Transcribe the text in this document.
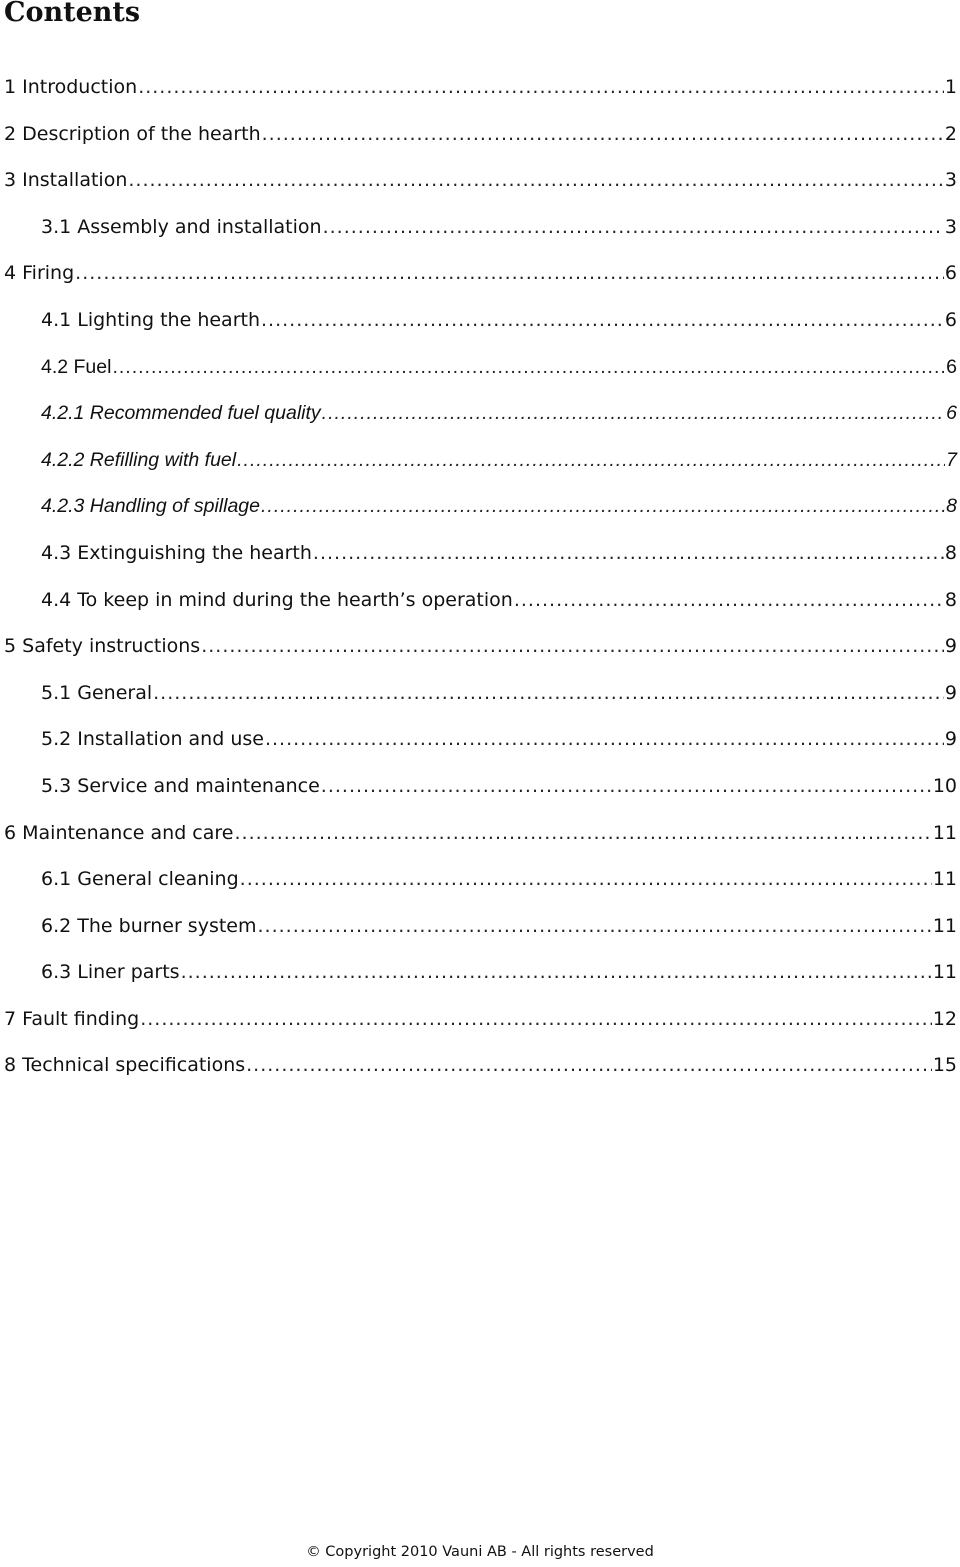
Contents
1 Introduction .....	1
2 Description of the hearth .....	2
3 Installation .....	3
3.1 Assembly and installation .....	3
4 Firing .....	6
4.1 Lighting the hearth .....	6
4.2 Fuel .....	6
4.2.1 Recommended fuel quality .....	6
4.2.2 Refilling with fuel .....	7
4.2.3 Handling of spillage .....	8
4.3 Extinguishing the hearth .....	8
4.4 To keep in mind during the hearth’s operation .....	8
5 Safety instructions .....	9
5.1 General .....	9
5.2 Installation and use .....	9
5.3 Service and maintenance .....	10
6 Maintenance and care .....	11
6.1 General cleaning .....	11
6.2 The burner system .....	11
6.3 Liner parts .....	11
7 Fault finding .....	12
8 Technical specifications .....	15
© Copyright 2010 Vauni AB - All rights reserved
